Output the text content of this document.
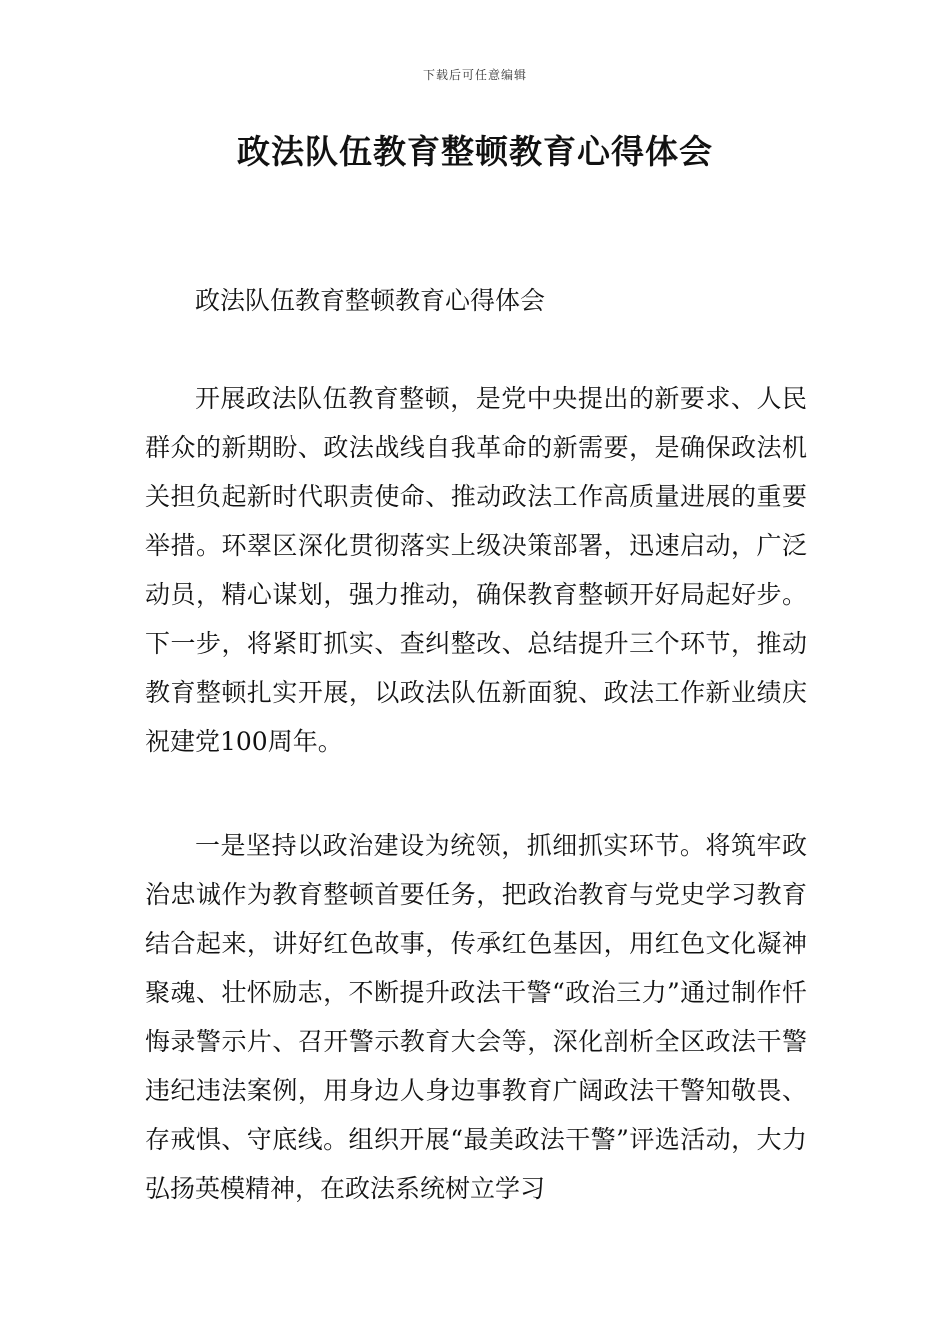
下载后可任意编辑
政法队伍教育整顿教育心得体会

政法队伍教育整顿教育心得体会

开展政法队伍教育整顿，是党中央提出的新要求、人民群众的新期盼、政法战线自我革命的新需要，是确保政法机关担负起新时代职责使命、推动政法工作高质量进展的重要举措。环翠区深化贯彻落实上级决策部署，迅速启动，广泛动员，精心谋划，强力推动，确保教育整顿开好局起好步。下一步，将紧盯抓实、查纠整改、总结提升三个环节，推动教育整顿扎实开展，以政法队伍新面貌、政法工作新业绩庆祝建党100周年。

一是坚持以政治建设为统领，抓细抓实环节。将筑牢政治忠诚作为教育整顿首要任务，把政治教育与党史学习教育结合起来，讲好红色故事，传承红色基因，用红色文化凝神聚魂、壮怀励志，不断提升政法干警“政治三力”通过制作忏悔录警示片、召开警示教育大会等，深化剖析全区政法干警违纪违法案例，用身边人身边事教育广阔政法干警知敬畏、存戒惧、守底线。组织开展“最美政法干警”评选活动，大力弘扬英模精神，在政法系统树立学习
